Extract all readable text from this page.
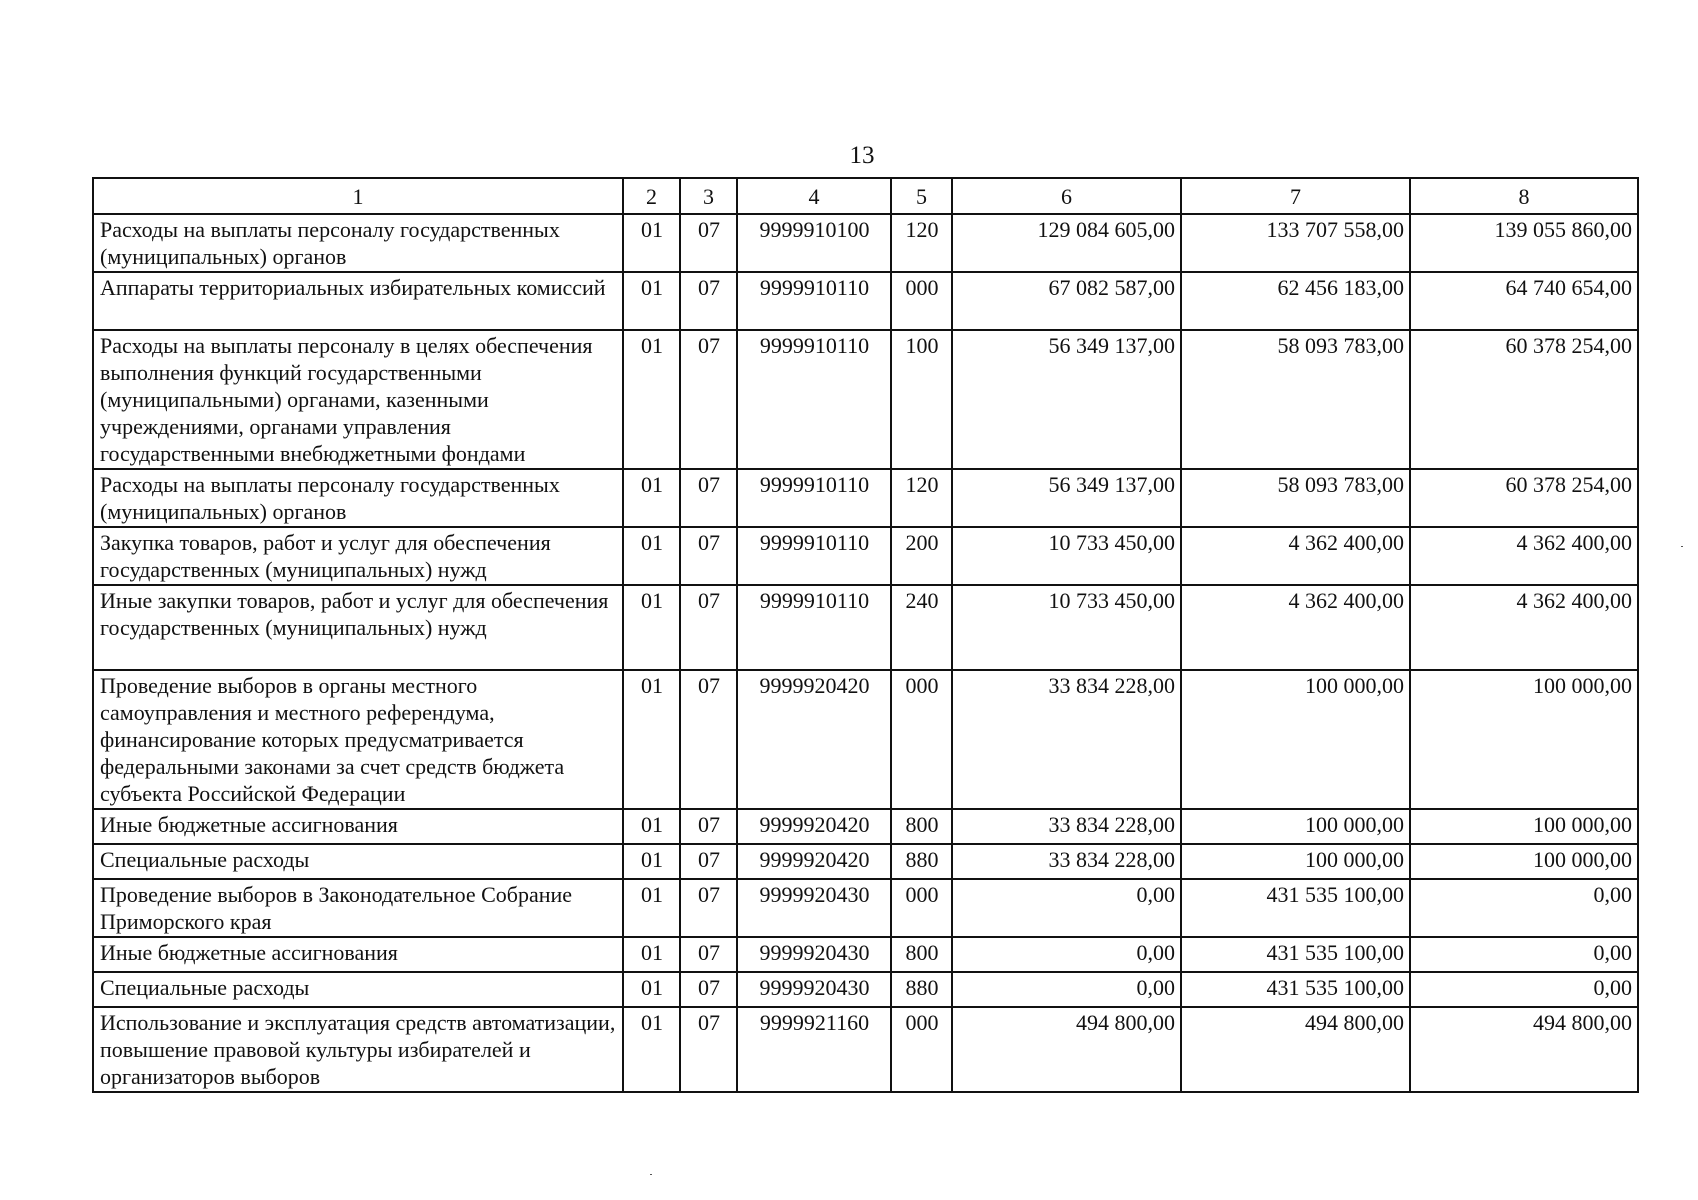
13
1	2	3	4	5	6	7	8
Расходы на выплаты персоналу государственных (муниципальных) органов	01	07	9999910100	120	129 084 605,00	133 707 558,00	139 055 860,00
Аппараты территориальных избирательных комиссий	01	07	9999910110	000	67 082 587,00	62 456 183,00	64 740 654,00
Расходы на выплаты персоналу в целях обеспечения выполнения функций государственными (муниципальными) органами, казенными учреждениями, органами управления государственными внебюджетными фондами	01	07	9999910110	100	56 349 137,00	58 093 783,00	60 378 254,00
Расходы на выплаты персоналу государственных (муниципальных) органов	01	07	9999910110	120	56 349 137,00	58 093 783,00	60 378 254,00
Закупка товаров, работ и услуг для обеспечения государственных (муниципальных) нужд	01	07	9999910110	200	10 733 450,00	4 362 400,00	4 362 400,00
Иные закупки товаров, работ и услуг для обеспечения государственных (муниципальных) нужд	01	07	9999910110	240	10 733 450,00	4 362 400,00	4 362 400,00
Проведение выборов в органы местного самоуправления и местного референдума, финансирование которых предусматривается федеральными законами за счет средств бюджета субъекта Российской Федерации	01	07	9999920420	000	33 834 228,00	100 000,00	100 000,00
Иные бюджетные ассигнования	01	07	9999920420	800	33 834 228,00	100 000,00	100 000,00
Специальные расходы	01	07	9999920420	880	33 834 228,00	100 000,00	100 000,00
Проведение выборов в Законодательное Собрание Приморского края	01	07	9999920430	000	0,00	431 535 100,00	0,00
Иные бюджетные ассигнования	01	07	9999920430	800	0,00	431 535 100,00	0,00
Специальные расходы	01	07	9999920430	880	0,00	431 535 100,00	0,00
Использование и эксплуатация средств автоматизации, повышение правовой культуры избирателей и организаторов выборов	01	07	9999921160	000	494 800,00	494 800,00	494 800,00
